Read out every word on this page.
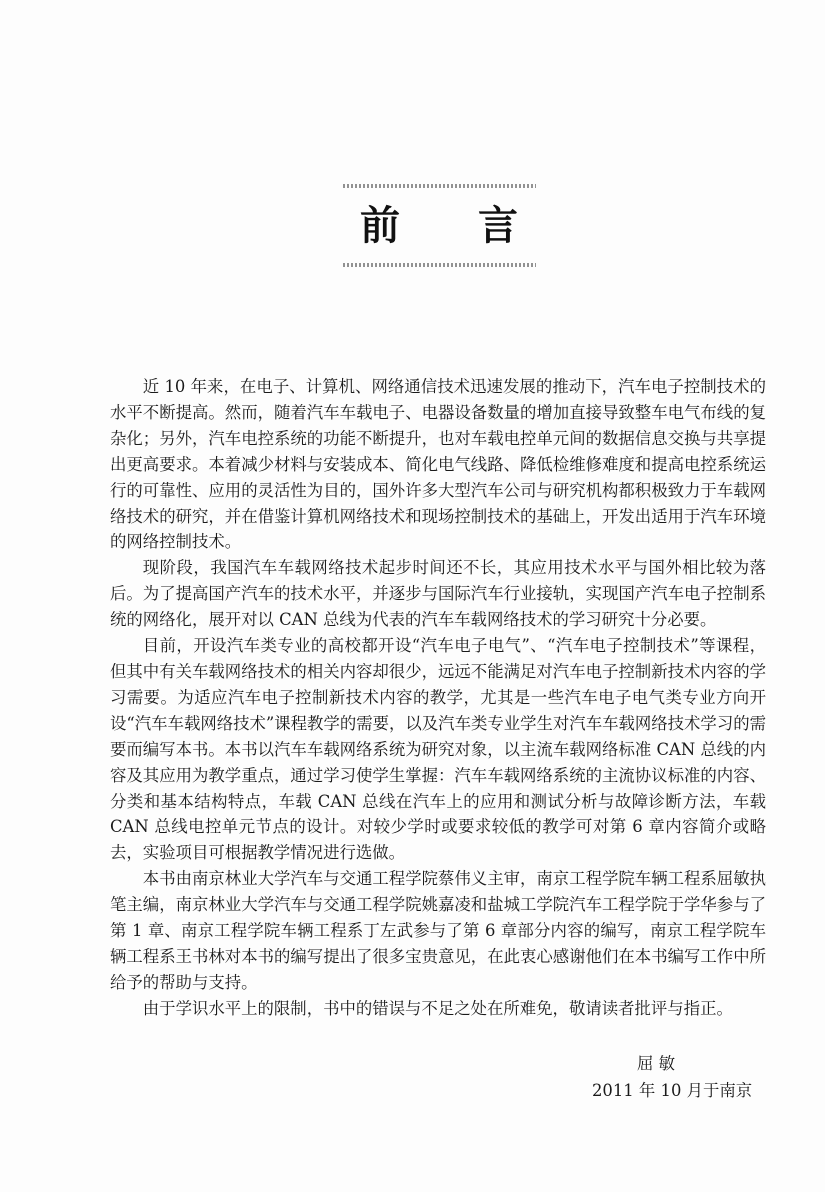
前 言

近 10 年来，在电子、计算机、网络通信技术迅速发展的推动下，汽车电子控制技术的水平不断提高。然而，随着汽车车载电子、电器设备数量的增加直接导致整车电气布线的复杂化；另外，汽车电控系统的功能不断提升，也对车载电控单元间的数据信息交换与共享提出更高要求。本着减少材料与安装成本、简化电气线路、降低检维修难度和提高电控系统运行的可靠性、应用的灵活性为目的，国外许多大型汽车公司与研究机构都积极致力于车载网络技术的研究，并在借鉴计算机网络技术和现场控制技术的基础上，开发出适用于汽车环境的网络控制技术。

现阶段，我国汽车车载网络技术起步时间还不长，其应用技术水平与国外相比较为落后。为了提高国产汽车的技术水平，并逐步与国际汽车行业接轨，实现国产汽车电子控制系统的网络化，展开对以 CAN 总线为代表的汽车车载网络技术的学习研究十分必要。

目前，开设汽车类专业的高校都开设“汽车电子电气”、“汽车电子控制技术”等课程，但其中有关车载网络技术的相关内容却很少，远远不能满足对汽车电子控制新技术内容的学习需要。为适应汽车电子控制新技术内容的教学，尤其是一些汽车电子电气类专业方向开设“汽车车载网络技术”课程教学的需要，以及汽车类专业学生对汽车车载网络技术学习的需要而编写本书。本书以汽车车载网络系统为研究对象，以主流车载网络标准 CAN 总线的内容及其应用为教学重点，通过学习使学生掌握：汽车车载网络系统的主流协议标准的内容、分类和基本结构特点，车载 CAN 总线在汽车上的应用和测试分析与故障诊断方法，车载 CAN 总线电控单元节点的设计。对较少学时或要求较低的教学可对第 6 章内容简介或略去，实验项目可根据教学情况进行选做。

本书由南京林业大学汽车与交通工程学院蔡伟义主审，南京工程学院车辆工程系屈敏执笔主编，南京林业大学汽车与交通工程学院姚嘉凌和盐城工学院汽车工程学院于学华参与了第 1 章、南京工程学院车辆工程系丁左武参与了第 6 章部分内容的编写，南京工程学院车辆工程系王书林对本书的编写提出了很多宝贵意见，在此衷心感谢他们在本书编写工作中所给予的帮助与支持。

由于学识水平上的限制，书中的错误与不足之处在所难免，敬请读者批评与指正。

屈 敏
2011 年 10 月于南京
